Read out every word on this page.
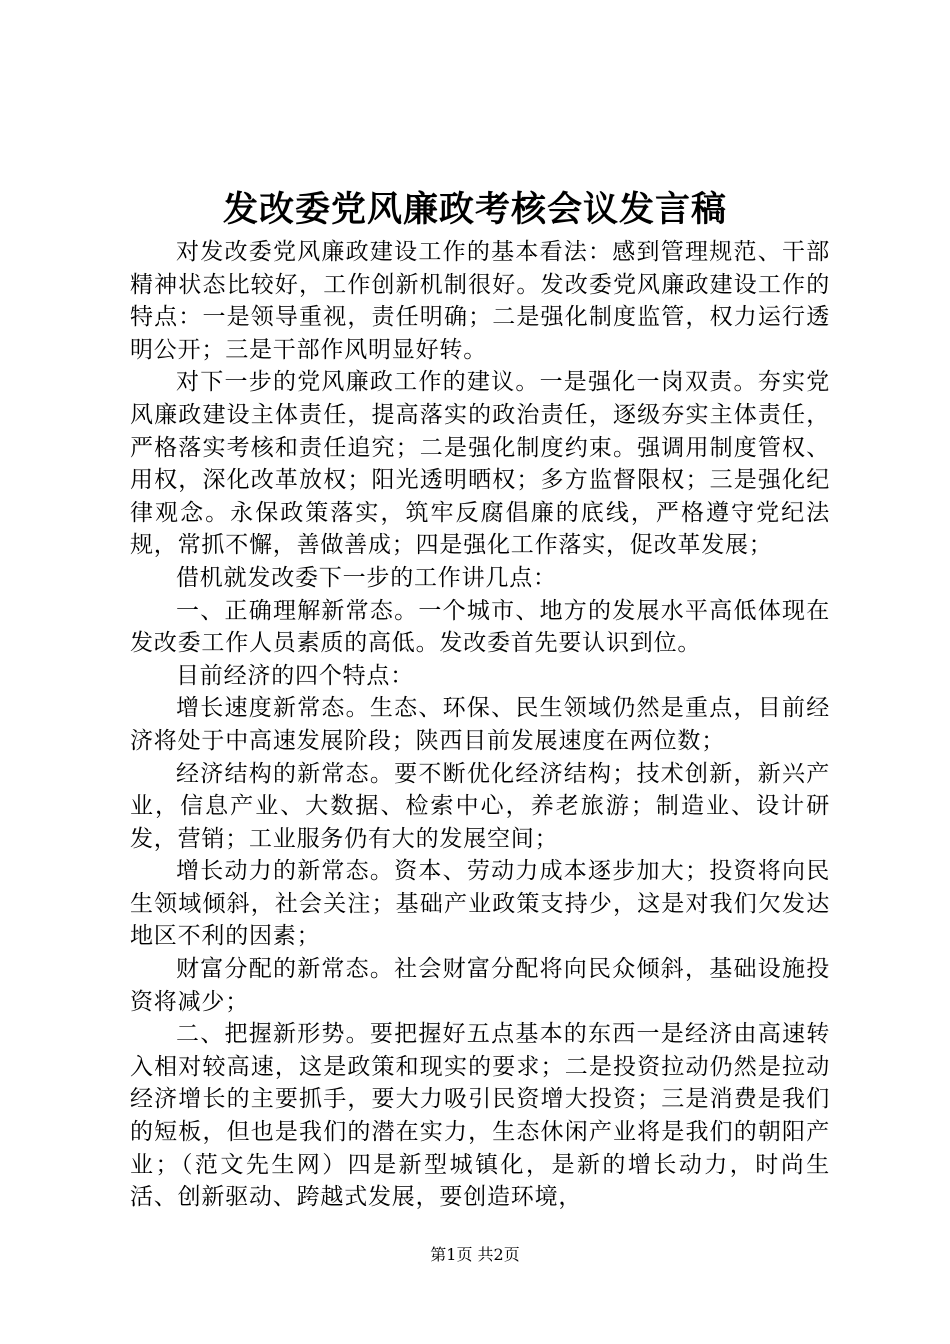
发改委党风廉政考核会议发言稿

对发改委党风廉政建设工作的基本看法：感到管理规范、干部精神状态比较好，工作创新机制很好。发改委党风廉政建设工作的特点：一是领导重视，责任明确；二是强化制度监管，权力运行透明公开；三是干部作风明显好转。

对下一步的党风廉政工作的建议。一是强化一岗双责。夯实党风廉政建设主体责任，提高落实的政治责任，逐级夯实主体责任，严格落实考核和责任追究；二是强化制度约束。强调用制度管权、用权，深化改革放权；阳光透明晒权；多方监督限权；三是强化纪律观念。永保政策落实，筑牢反腐倡廉的底线，严格遵守党纪法规，常抓不懈，善做善成；四是强化工作落实，促改革发展；

借机就发改委下一步的工作讲几点：

一、正确理解新常态。一个城市、地方的发展水平高低体现在发改委工作人员素质的高低。发改委首先要认识到位。

目前经济的四个特点：

增长速度新常态。生态、环保、民生领域仍然是重点，目前经济将处于中高速发展阶段；陕西目前发展速度在两位数；

经济结构的新常态。要不断优化经济结构；技术创新，新兴产业，信息产业、大数据、检索中心，养老旅游；制造业、设计研发，营销；工业服务仍有大的发展空间；

增长动力的新常态。资本、劳动力成本逐步加大；投资将向民生领域倾斜，社会关注；基础产业政策支持少，这是对我们欠发达地区不利的因素；

财富分配的新常态。社会财富分配将向民众倾斜，基础设施投资将减少；

二、把握新形势。要把握好五点基本的东西一是经济由高速转入相对较高速，这是政策和现实的要求；二是投资拉动仍然是拉动经济增长的主要抓手，要大力吸引民资增大投资；三是消费是我们的短板，但也是我们的潜在实力，生态休闲产业将是我们的朝阳产业；（范文先生网）四是新型城镇化，是新的增长动力，时尚生活、创新驱动、跨越式发展，要创造环境，

第1页 共2页
